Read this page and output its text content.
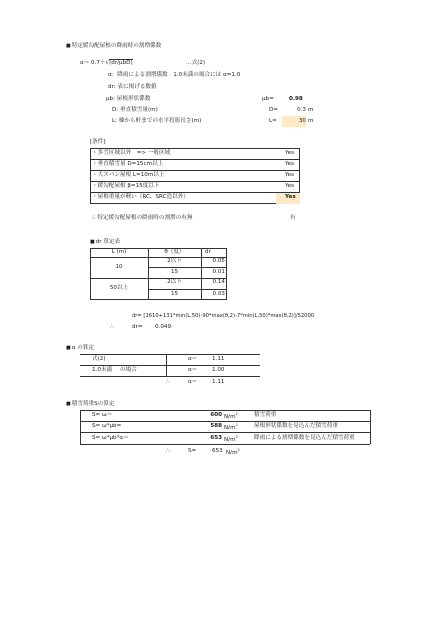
■ 特定緩勾配屋根の降雨時の割増係数
α＝ 0.7＋√(dr/μbD)	…式(2)
α：降雨による割増係数　1.0未満の場合には α=1.0
dr: 表に掲げる数値
μb: 屋根形状係数	μb=	0.98
D: 垂直積雪量(m)	D=	0.3 m
L: 棟から軒までの水平投影長さ(m)	L=	30 m
[条件]
・多雪区域以外　=> 一般区域	Yes
・垂直積雪量 D=15cm以上	Yes
・大スパン屋根 L=10m以上	Yes
・緩勾配屋根 β=15度以下	Yes
・屋根重量が軽い（RC、SRC造以外）	Yes
∴ 特定緩勾配屋根の降雨時の割増の有無	有
■ dr 算定表
L (m)	θ（度）	dr
10
2以下	0.05
15	0.01
50以上
2以下	0.14
15	0.03
dr= [1610+131*min(L,50)-90*max(θ,2)-7*min(L,50)*max(θ,2)]/52000
∴	dr= 0.049
■ α の算定
式(2)	α＝	1.11
1.0未満 の場合	α＝	1.00
∴	α＝	1.11
■ 積雪荷重Sの算定
S= ω＝	600 $N/m^2$	積雪荷重
S= ω*μb=	588 $N/m^2$	屋根形状係数を見込んだ積雪荷重
S= ω*μb*α＝	653 $N/m^2$	降雨による割増係数を見込んだ積雪荷重
∴	S=	653 $N/m^2$
